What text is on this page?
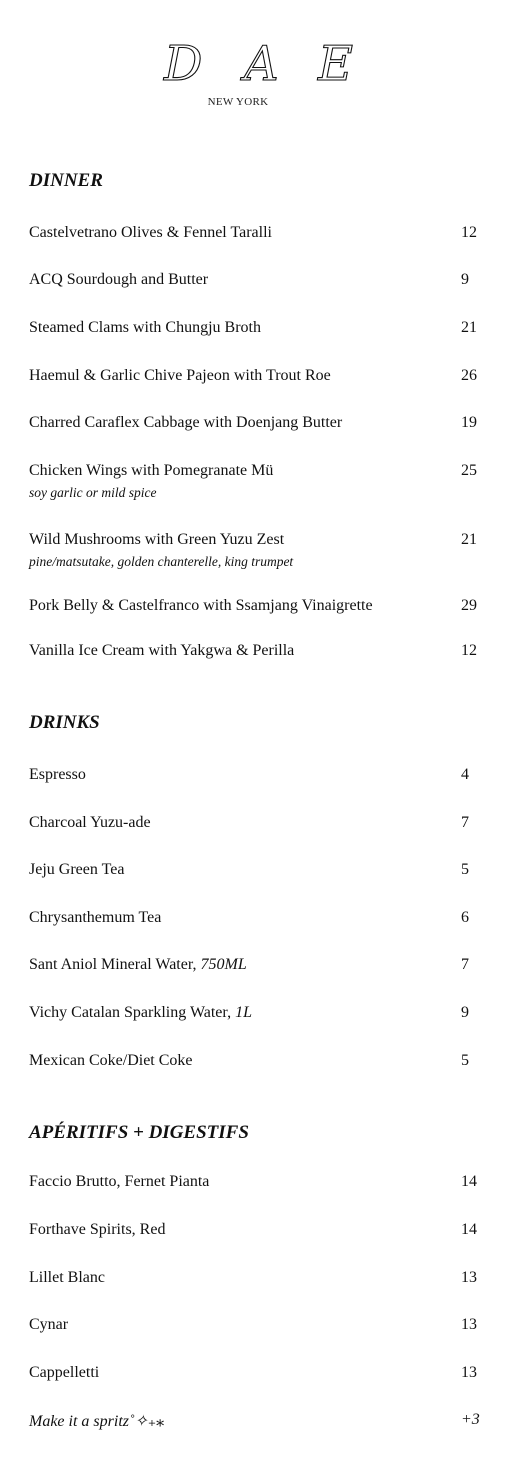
D A E
NEW YORK
DINNER
Castelvetrano Olives & Fennel Taralli	12
ACQ Sourdough and Butter	9
Steamed Clams with Chungju Broth	21
Haemul & Garlic Chive Pajeon with Trout Roe	26
Charred Caraflex Cabbage with Doenjang Butter	19
Chicken Wings with Pomegranate Mü	25
soy garlic or mild spice
Wild Mushrooms with Green Yuzu Zest	21
pine/matsutake, golden chanterelle, king trumpet
Pork Belly & Castelfranco with Ssamjang Vinaigrette	29
Vanilla Ice Cream with Yakgwa & Perilla	12
DRINKS
Espresso	4
Charcoal Yuzu-ade	7
Jeju Green Tea	5
Chrysanthemum Tea	6
Sant Aniol Mineral Water, 750ML	7
Vichy Catalan Sparkling Water, 1L	9
Mexican Coke/Diet Coke	5
APÉRITIFS + DIGESTIFS
Faccio Brutto, Fernet Pianta	14
Forthave Spirits, Red	14
Lillet Blanc	13
Cynar	13
Cappelletti	13
Make it a spritz˚✧₊⁎	+3
